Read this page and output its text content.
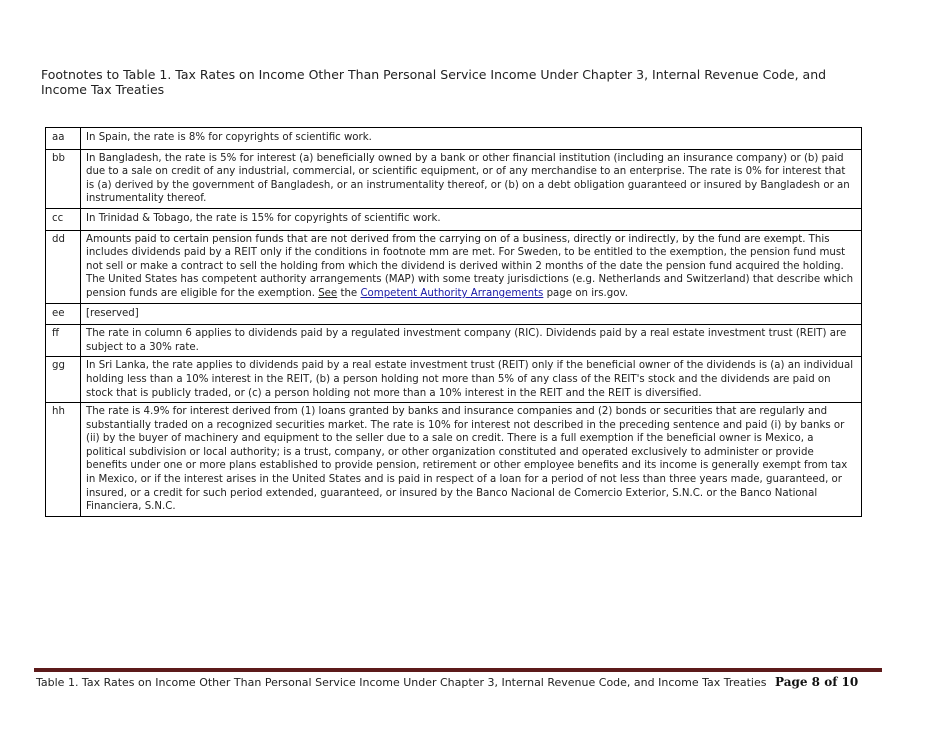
Footnotes to Table 1. Tax Rates on Income Other Than Personal Service Income Under Chapter 3, Internal Revenue Code, and Income Tax Treaties
aa	In Spain, the rate is 8% for copyrights of scientific work.
bb	In Bangladesh, the rate is 5% for interest (a) beneficially owned by a bank or other financial institution (including an insurance company) or (b) paid due to a sale on credit of any industrial, commercial, or scientific equipment, or of any merchandise to an enterprise. The rate is 0% for interest that is (a) derived by the government of Bangladesh, or an instrumentality thereof, or (b) on a debt obligation guaranteed or insured by Bangladesh or an instrumentality thereof.
cc	In Trinidad & Tobago, the rate is 15% for copyrights of scientific work.
dd	Amounts paid to certain pension funds that are not derived from the carrying on of a business, directly or indirectly, by the fund are exempt. This includes dividends paid by a REIT only if the conditions in footnote mm are met. For Sweden, to be entitled to the exemption, the pension fund must not sell or make a contract to sell the holding from which the dividend is derived within 2 months of the date the pension fund acquired the holding. The United States has competent authority arrangements (MAP) with some treaty jurisdictions (e.g. Netherlands and Switzerland) that describe which pension funds are eligible for the exemption. See the Competent Authority Arrangements page on irs.gov.
ee	[reserved]
ff	The rate in column 6 applies to dividends paid by a regulated investment company (RIC). Dividends paid by a real estate investment trust (REIT) are subject to a 30% rate.
gg	In Sri Lanka, the rate applies to dividends paid by a real estate investment trust (REIT) only if the beneficial owner of the dividends is (a) an individual holding less than a 10% interest in the REIT, (b) a person holding not more than 5% of any class of the REIT's stock and the dividends are paid on stock that is publicly traded, or (c) a person holding not more than a 10% interest in the REIT and the REIT is diversified.
hh	The rate is 4.9% for interest derived from (1) loans granted by banks and insurance companies and (2) bonds or securities that are regularly and substantially traded on a recognized securities market. The rate is 10% for interest not described in the preceding sentence and paid (i) by banks or (ii) by the buyer of machinery and equipment to the seller due to a sale on credit. There is a full exemption if the beneficial owner is Mexico, a political subdivision or local authority; is a trust, company, or other organization constituted and operated exclusively to administer or provide benefits under one or more plans established to provide pension, retirement or other employee benefits and its income is generally exempt from tax in Mexico, or if the interest arises in the United States and is paid in respect of a loan for a period of not less than three years made, guaranteed, or insured, or a credit for such period extended, guaranteed, or insured by the Banco Nacional de Comercio Exterior, S.N.C. or the Banco National Financiera, S.N.C.
Table 1. Tax Rates on Income Other Than Personal Service Income Under Chapter 3, Internal Revenue Code, and Income Tax Treaties Page 8 of 10
